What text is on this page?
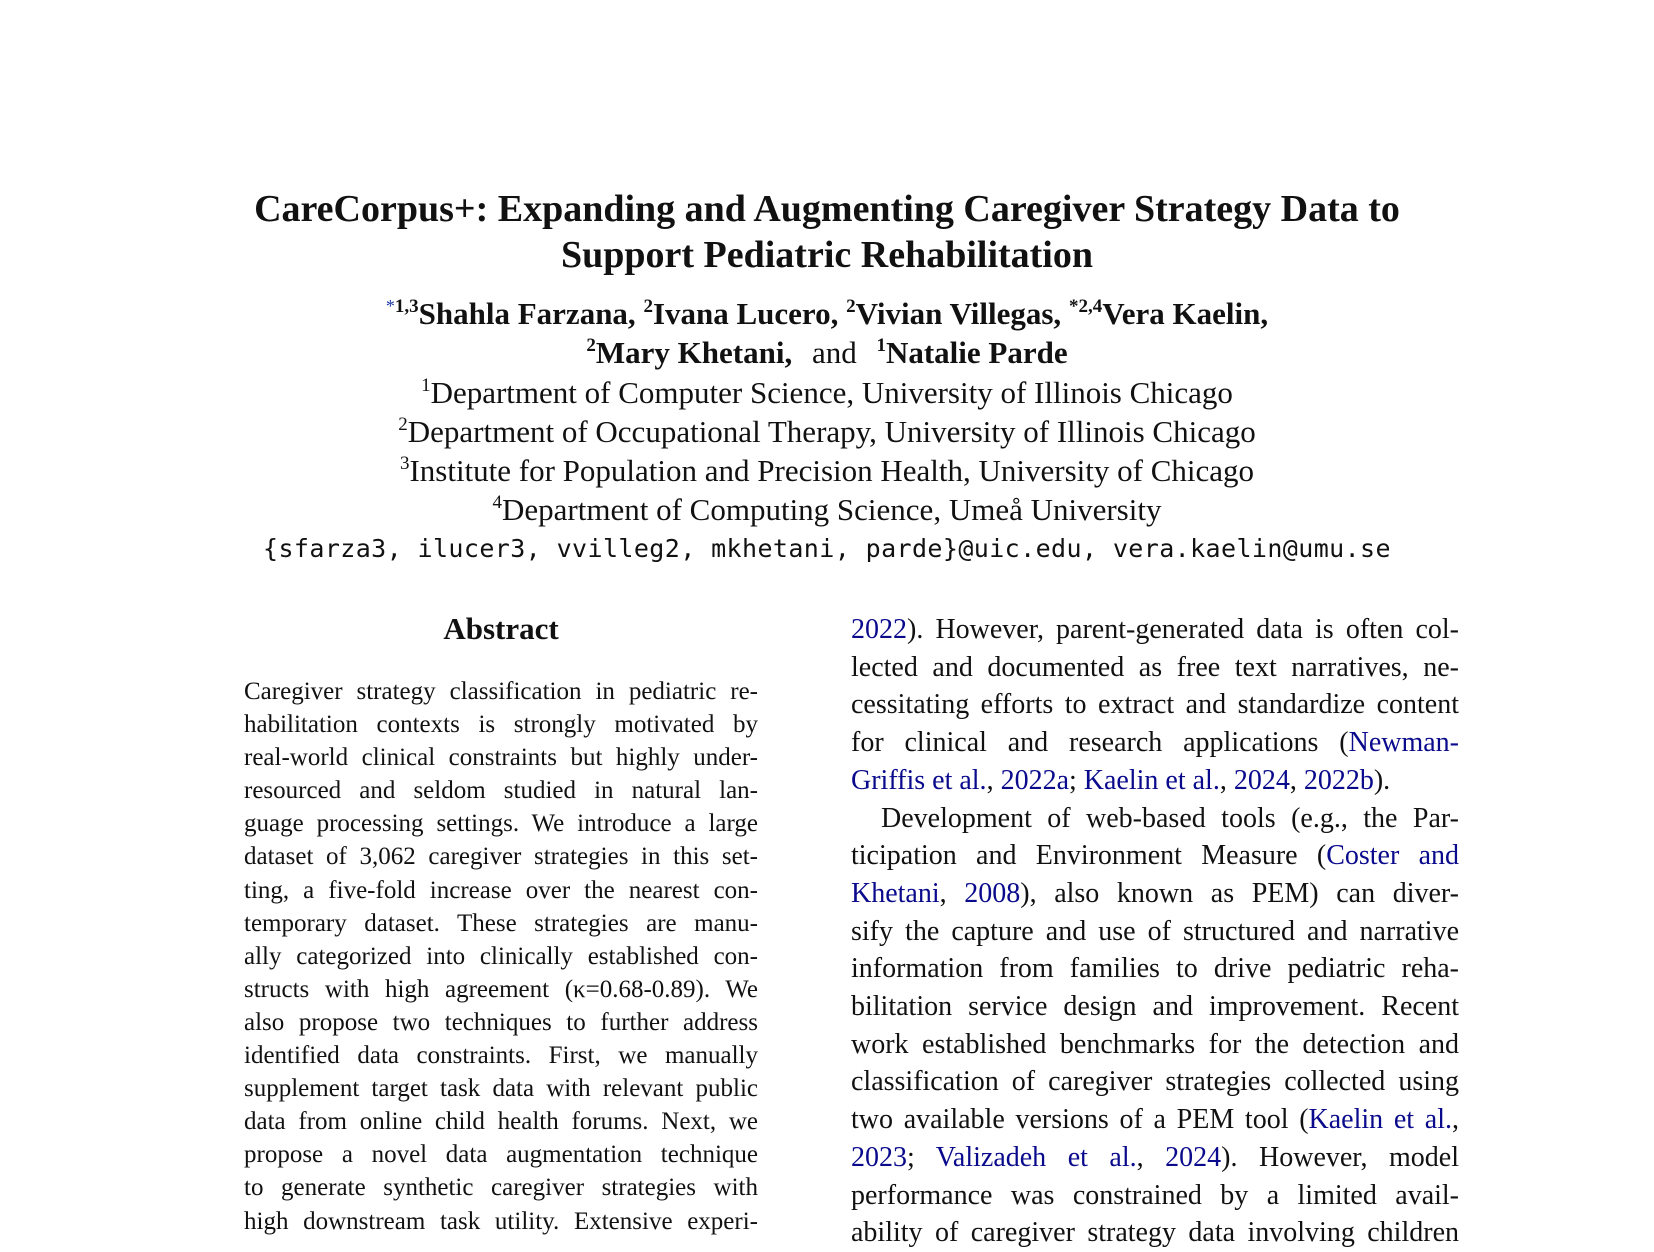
CareCorpus+: Expanding and Augmenting Caregiver Strategy Data to
Support Pediatric Rehabilitation
$^{*1,3}$Shahla Farzana, $^2$Ivana Lucero, $^2$Vivian Villegas, $^{*2,4}$Vera Kaelin,
$^2$Mary Khetani, and $^1$Natalie Parde
$^1$Department of Computer Science, University of Illinois Chicago
$^2$Department of Occupational Therapy, University of Illinois Chicago
$^3$Institute for Population and Precision Health, University of Chicago
$^4$Department of Computing Science, Umeå University
{sfarza3, ilucer3, vvilleg2, mkhetani, parde}@uic.edu, vera.kaelin@umu.se
Abstract
Caregiver strategy classification in pediatric re-
habilitation contexts is strongly motivated by
real-world clinical constraints but highly under-
resourced and seldom studied in natural lan-
guage processing settings. We introduce a large
dataset of 3,062 caregiver strategies in this set-
ting, a five-fold increase over the nearest con-
temporary dataset. These strategies are manu-
ally categorized into clinically established con-
structs with high agreement (κ=0.68-0.89). We
also propose two techniques to further address
identified data constraints. First, we manually
supplement target task data with relevant public
data from online child health forums. Next, we
propose a novel data augmentation technique
to generate synthetic caregiver strategies with
high downstream task utility. Extensive experi-
2022). However, parent-generated data is often col-
lected and documented as free text narratives, ne-
cessitating efforts to extract and standardize content
for clinical and research applications (Newman-
Griffis et al., 2022a; Kaelin et al., 2024, 2022b).
Development of web-based tools (e.g., the Par-
ticipation and Environment Measure (Coster and
Khetani, 2008), also known as PEM) can diver-
sify the capture and use of structured and narrative
information from families to drive pediatric reha-
bilitation service design and improvement. Recent
work established benchmarks for the detection and
classification of caregiver strategies collected using
two available versions of a PEM tool (Kaelin et al.,
2023; Valizadeh et al., 2024). However, model
performance was constrained by a limited avail-
ability of caregiver strategy data involving children
